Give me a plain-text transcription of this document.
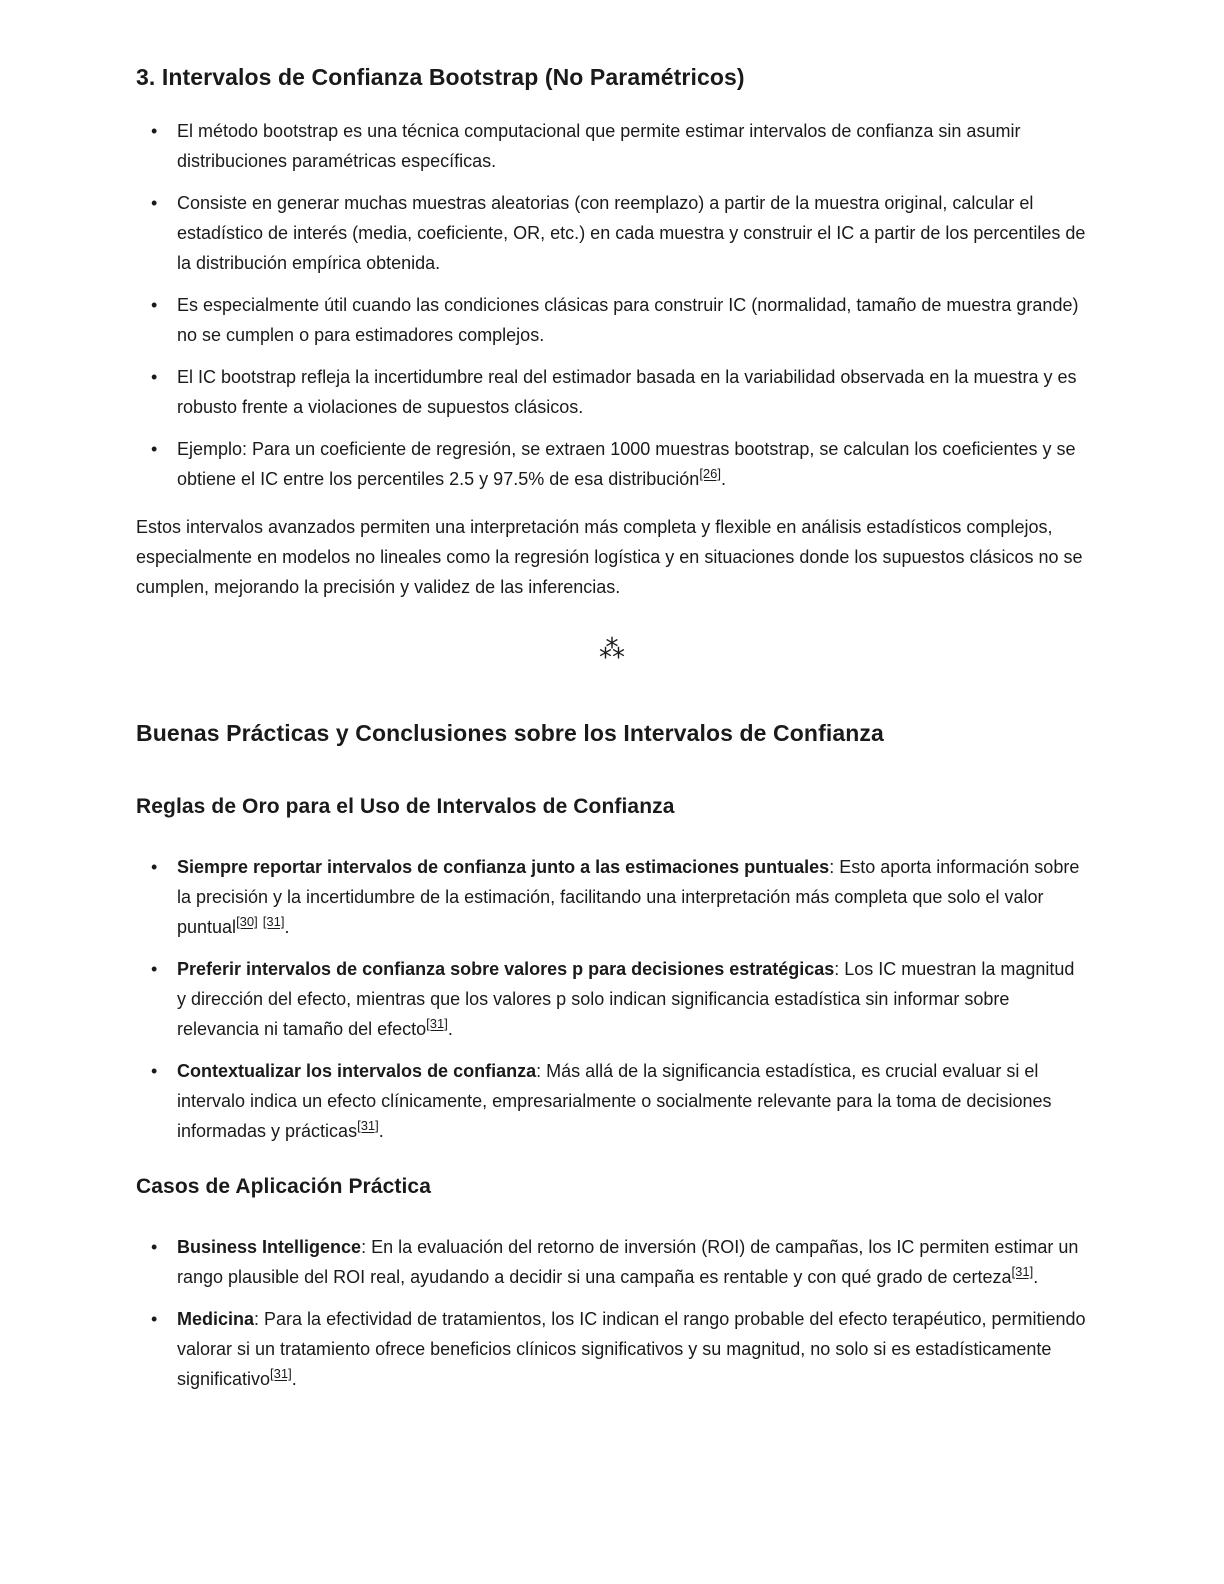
3. Intervalos de Confianza Bootstrap (No Paramétricos)
• El método bootstrap es una técnica computacional que permite estimar intervalos de confianza sin asumir distribuciones paramétricas específicas.
• Consiste en generar muchas muestras aleatorias (con reemplazo) a partir de la muestra original, calcular el estadístico de interés (media, coeficiente, OR, etc.) en cada muestra y construir el IC a partir de los percentiles de la distribución empírica obtenida.
• Es especialmente útil cuando las condiciones clásicas para construir IC (normalidad, tamaño de muestra grande) no se cumplen o para estimadores complejos.
• El IC bootstrap refleja la incertidumbre real del estimador basada en la variabilidad observada en la muestra y es robusto frente a violaciones de supuestos clásicos.
• Ejemplo: Para un coeficiente de regresión, se extraen 1000 muestras bootstrap, se calculan los coeficientes y se obtiene el IC entre los percentiles 2.5 y 97.5% de esa distribución[26].

Estos intervalos avanzados permiten una interpretación más completa y flexible en análisis estadísticos complejos, especialmente en modelos no lineales como la regresión logística y en situaciones donde los supuestos clásicos no se cumplen, mejorando la precisión y validez de las inferencias.

⁂
Buenas Prácticas y Conclusiones sobre los Intervalos de Confianza
Reglas de Oro para el Uso de Intervalos de Confianza
• Siempre reportar intervalos de confianza junto a las estimaciones puntuales: Esto aporta información sobre la precisión y la incertidumbre de la estimación, facilitando una interpretación más completa que solo el valor puntual[30] [31].
• Preferir intervalos de confianza sobre valores p para decisiones estratégicas: Los IC muestran la magnitud y dirección del efecto, mientras que los valores p solo indican significancia estadística sin informar sobre relevancia ni tamaño del efecto[31].
• Contextualizar los intervalos de confianza: Más allá de la significancia estadística, es crucial evaluar si el intervalo indica un efecto clínicamente, empresarialmente o socialmente relevante para la toma de decisiones informadas y prácticas[31].
Casos de Aplicación Práctica
• Business Intelligence: En la evaluación del retorno de inversión (ROI) de campañas, los IC permiten estimar un rango plausible del ROI real, ayudando a decidir si una campaña es rentable y con qué grado de certeza[31].
• Medicina: Para la efectividad de tratamientos, los IC indican el rango probable del efecto terapéutico, permitiendo valorar si un tratamiento ofrece beneficios clínicos significativos y su magnitud, no solo si es estadísticamente significativo[31].
